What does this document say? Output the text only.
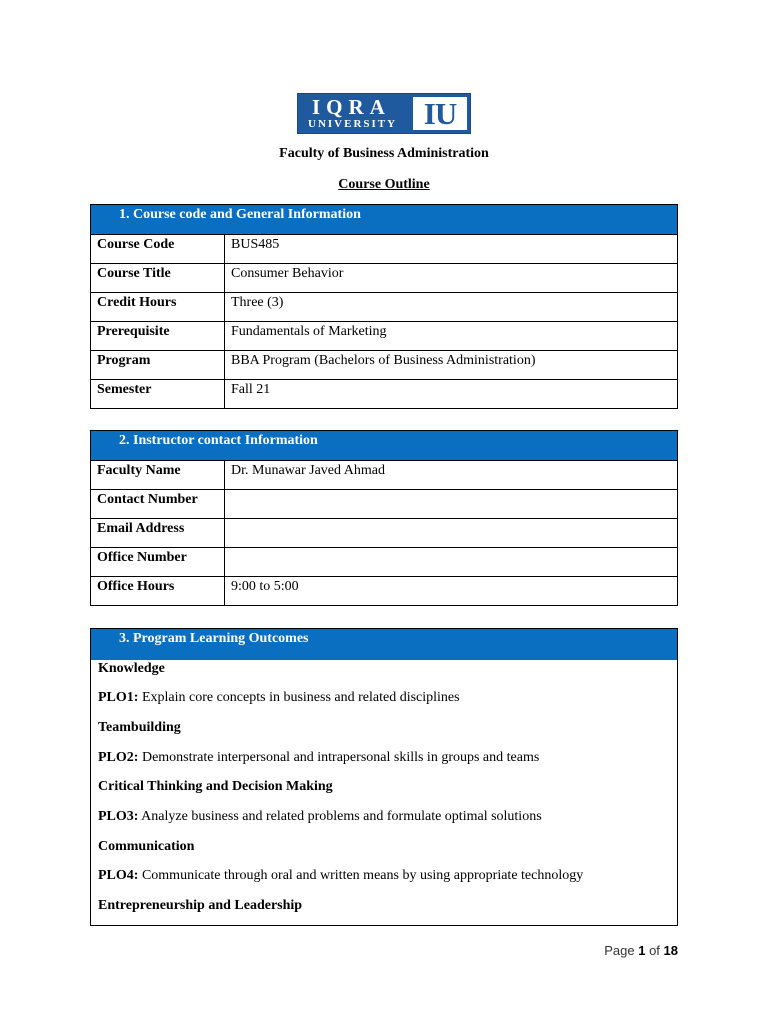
IQRA
UNIVERSITY IU
Faculty of Business Administration
Course Outline
1. Course code and General Information	
Course Code	BUS485
Course Title	Consumer Behavior
Credit Hours	Three (3)
Prerequisite	Fundamentals of Marketing
Program	BBA Program (Bachelors of Business Administration)
Semester	Fall 21
2. Instructor contact Information	
Faculty Name	Dr. Munawar Javed Ahmad
Contact Number	
Email Address	
Office Number	
Office Hours	9:00 to 5:00
3. Program Learning Outcomes
Knowledge
PLO1: Explain core concepts in business and related disciplines
Teambuilding
PLO2: Demonstrate interpersonal and intrapersonal skills in groups and teams
Critical Thinking and Decision Making
PLO3: Analyze business and related problems and formulate optimal solutions
Communication
PLO4: Communicate through oral and written means by using appropriate technology
Entrepreneurship and Leadership
Page 1 of 18
